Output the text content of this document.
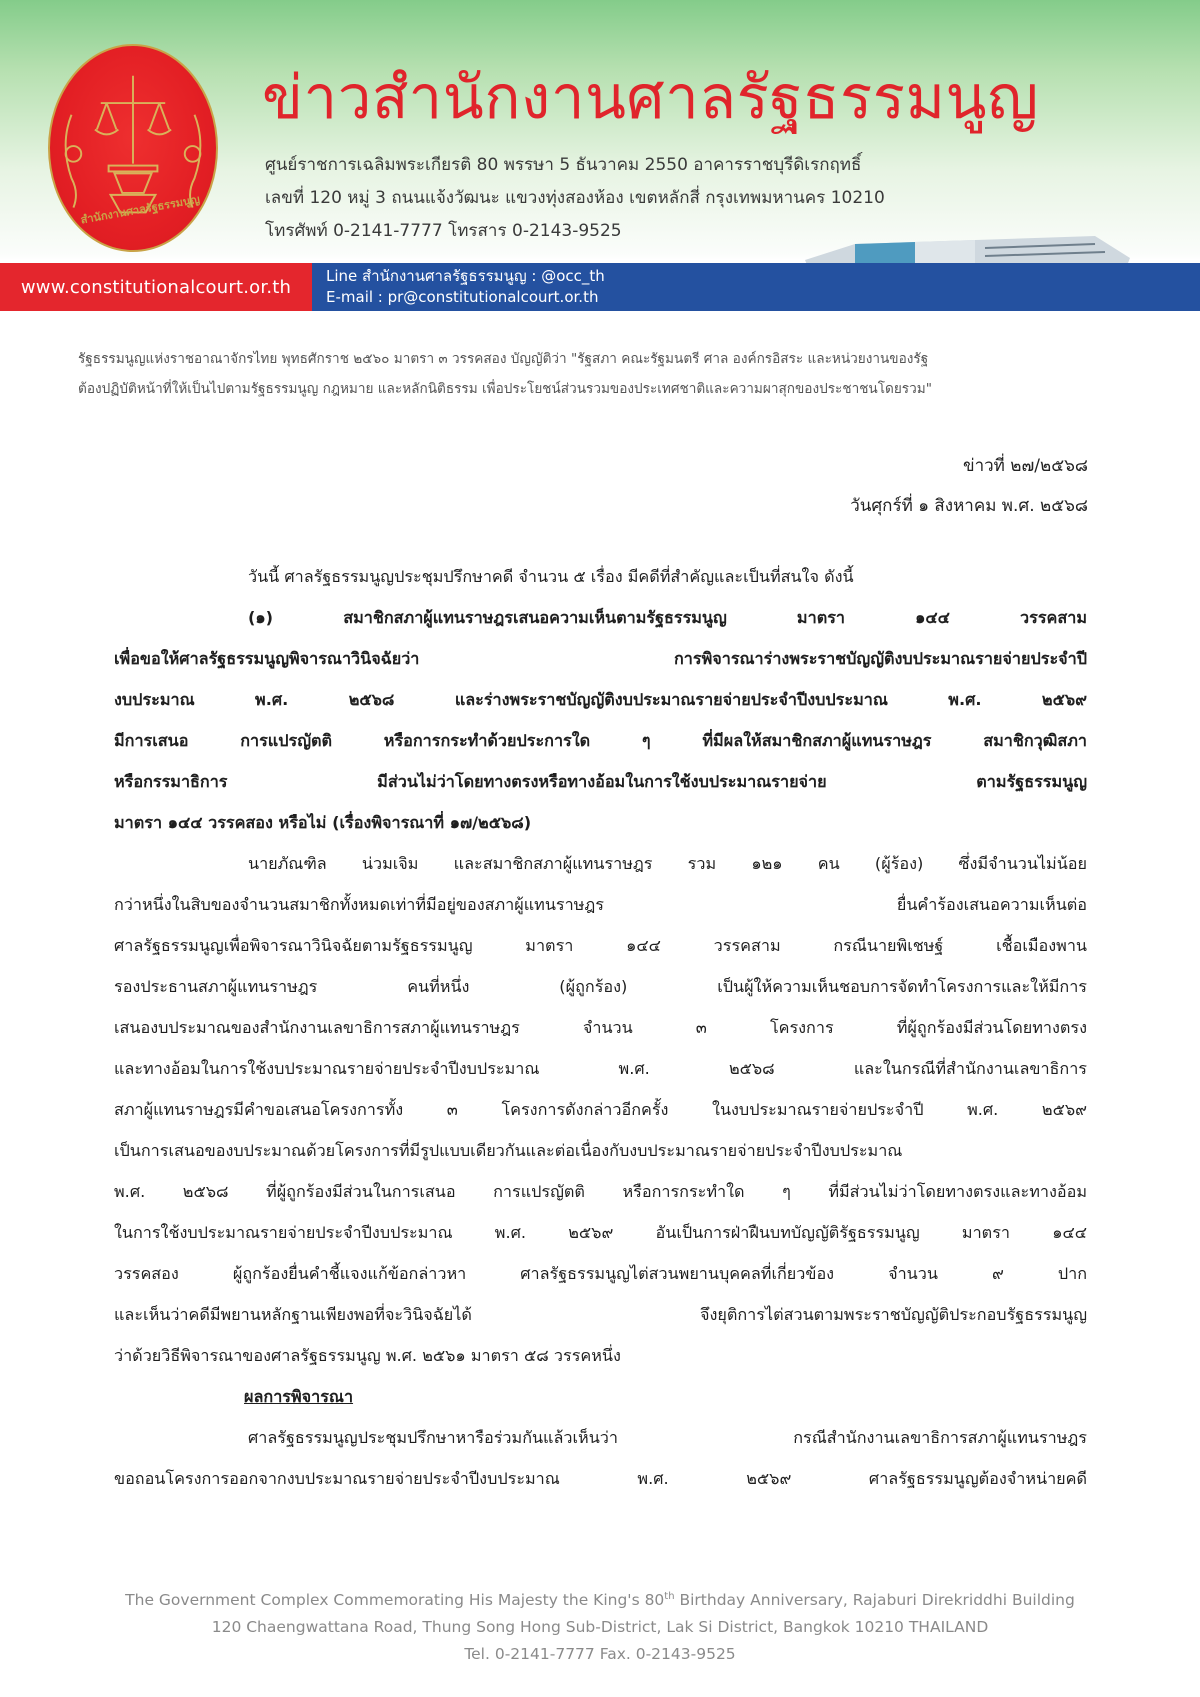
สำนักงานศาลรัฐธรรมนูญ
ข่าวสำนักงานศาลรัฐธรรมนูญ
ศูนย์ราชการเฉลิมพระเกียรติ 80 พรรษา 5 ธันวาคม 2550 อาคารราชบุรีดิเรกฤทธิ์
เลขที่ 120 หมู่ 3 ถนนแจ้งวัฒนะ แขวงทุ่งสองห้อง เขตหลักสี่ กรุงเทพมหานคร 10210
โทรศัพท์ 0-2141-7777 โทรสาร 0-2143-9525
www.constitutionalcourt.or.th
Line สำนักงานศาลรัฐธรรมนูญ : @occ_th
E-mail : pr@constitutionalcourt.or.th
รัฐธรรมนูญแห่งราชอาณาจักรไทย พุทธศักราช ๒๕๖๐ มาตรา ๓ วรรคสอง บัญญัติว่า "รัฐสภา คณะรัฐมนตรี ศาล องค์กรอิสระ และหน่วยงานของรัฐ
ต้องปฏิบัติหน้าที่ให้เป็นไปตามรัฐธรรมนูญ กฎหมาย และหลักนิติธรรม เพื่อประโยชน์ส่วนรวมของประเทศชาติและความผาสุกของประชาชนโดยรวม"
ข่าวที่ ๒๗/๒๕๖๘
วันศุกร์ที่ ๑ สิงหาคม พ.ศ. ๒๕๖๘
วันนี้ ศาลรัฐธรรมนูญประชุมปรึกษาคดี จำนวน ๕ เรื่อง มีคดีที่สำคัญและเป็นที่สนใจ ดังนี้
(๑) สมาชิกสภาผู้แทนราษฎรเสนอความเห็นตามรัฐธรรมนูญ มาตรา ๑๔๔ วรรคสาม
เพื่อขอให้ศาลรัฐธรรมนูญพิจารณาวินิจฉัยว่า การพิจารณาร่างพระราชบัญญัติงบประมาณรายจ่ายประจำปี
งบประมาณ พ.ศ. ๒๕๖๘ และร่างพระราชบัญญัติงบประมาณรายจ่ายประจำปีงบประมาณ พ.ศ. ๒๕๖๙
มีการเสนอ การแปรญัตติ หรือการกระทำด้วยประการใด ๆ ที่มีผลให้สมาชิกสภาผู้แทนราษฎร สมาชิกวุฒิสภา
หรือกรรมาธิการ มีส่วนไม่ว่าโดยทางตรงหรือทางอ้อมในการใช้งบประมาณรายจ่าย ตามรัฐธรรมนูญ
มาตรา ๑๔๔ วรรคสอง หรือไม่ (เรื่องพิจารณาที่ ๑๗/๒๕๖๘)
นายภัณฑิล น่วมเจิม และสมาชิกสภาผู้แทนราษฎร รวม ๑๒๑ คน (ผู้ร้อง) ซึ่งมีจำนวนไม่น้อย
กว่าหนึ่งในสิบของจำนวนสมาชิกทั้งหมดเท่าที่มีอยู่ของสภาผู้แทนราษฎร ยื่นคำร้องเสนอความเห็นต่อ
ศาลรัฐธรรมนูญเพื่อพิจารณาวินิจฉัยตามรัฐธรรมนูญ มาตรา ๑๔๔ วรรคสาม กรณีนายพิเชษฐ์ เชื้อเมืองพาน
รองประธานสภาผู้แทนราษฎร คนที่หนึ่ง (ผู้ถูกร้อง) เป็นผู้ให้ความเห็นชอบการจัดทำโครงการและให้มีการ
เสนองบประมาณของสำนักงานเลขาธิการสภาผู้แทนราษฎร จำนวน ๓ โครงการ ที่ผู้ถูกร้องมีส่วนโดยทางตรง
และทางอ้อมในการใช้งบประมาณรายจ่ายประจำปีงบประมาณ พ.ศ. ๒๕๖๘ และในกรณีที่สำนักงานเลขาธิการ
สภาผู้แทนราษฎรมีคำขอเสนอโครงการทั้ง ๓ โครงการดังกล่าวอีกครั้ง ในงบประมาณรายจ่ายประจำปี พ.ศ. ๒๕๖๙
เป็นการเสนอของบประมาณด้วยโครงการที่มีรูปแบบเดียวกันและต่อเนื่องกับงบประมาณรายจ่ายประจำปีงบประมาณ
พ.ศ. ๒๕๖๘ ที่ผู้ถูกร้องมีส่วนในการเสนอ การแปรญัตติ หรือการกระทำใด ๆ ที่มีส่วนไม่ว่าโดยทางตรงและทางอ้อม
ในการใช้งบประมาณรายจ่ายประจำปีงบประมาณ พ.ศ. ๒๕๖๙ อันเป็นการฝ่าฝืนบทบัญญัติรัฐธรรมนูญ มาตรา ๑๔๔
วรรคสอง ผู้ถูกร้องยื่นคำชี้แจงแก้ข้อกล่าวหา ศาลรัฐธรรมนูญไต่สวนพยานบุคคลที่เกี่ยวข้อง จำนวน ๙ ปาก
และเห็นว่าคดีมีพยานหลักฐานเพียงพอที่จะวินิจฉัยได้ จึงยุติการไต่สวนตามพระราชบัญญัติประกอบรัฐธรรมนูญ
ว่าด้วยวิธีพิจารณาของศาลรัฐธรรมนูญ พ.ศ. ๒๕๖๑ มาตรา ๕๘ วรรคหนึ่ง
ผลการพิจารณา
ศาลรัฐธรรมนูญประชุมปรึกษาหารือร่วมกันแล้วเห็นว่า กรณีสำนักงานเลขาธิการสภาผู้แทนราษฎร
ขอถอนโครงการออกจากงบประมาณรายจ่ายประจำปีงบประมาณ พ.ศ. ๒๕๖๙ ศาลรัฐธรรมนูญต้องจำหน่ายคดี
The Government Complex Commemorating His Majesty the King's 80th Birthday Anniversary, Rajaburi Direkriddhi Building
120 Chaengwattana Road, Thung Song Hong Sub-District, Lak Si District, Bangkok 10210 THAILAND
Tel. 0-2141-7777 Fax. 0-2143-9525
